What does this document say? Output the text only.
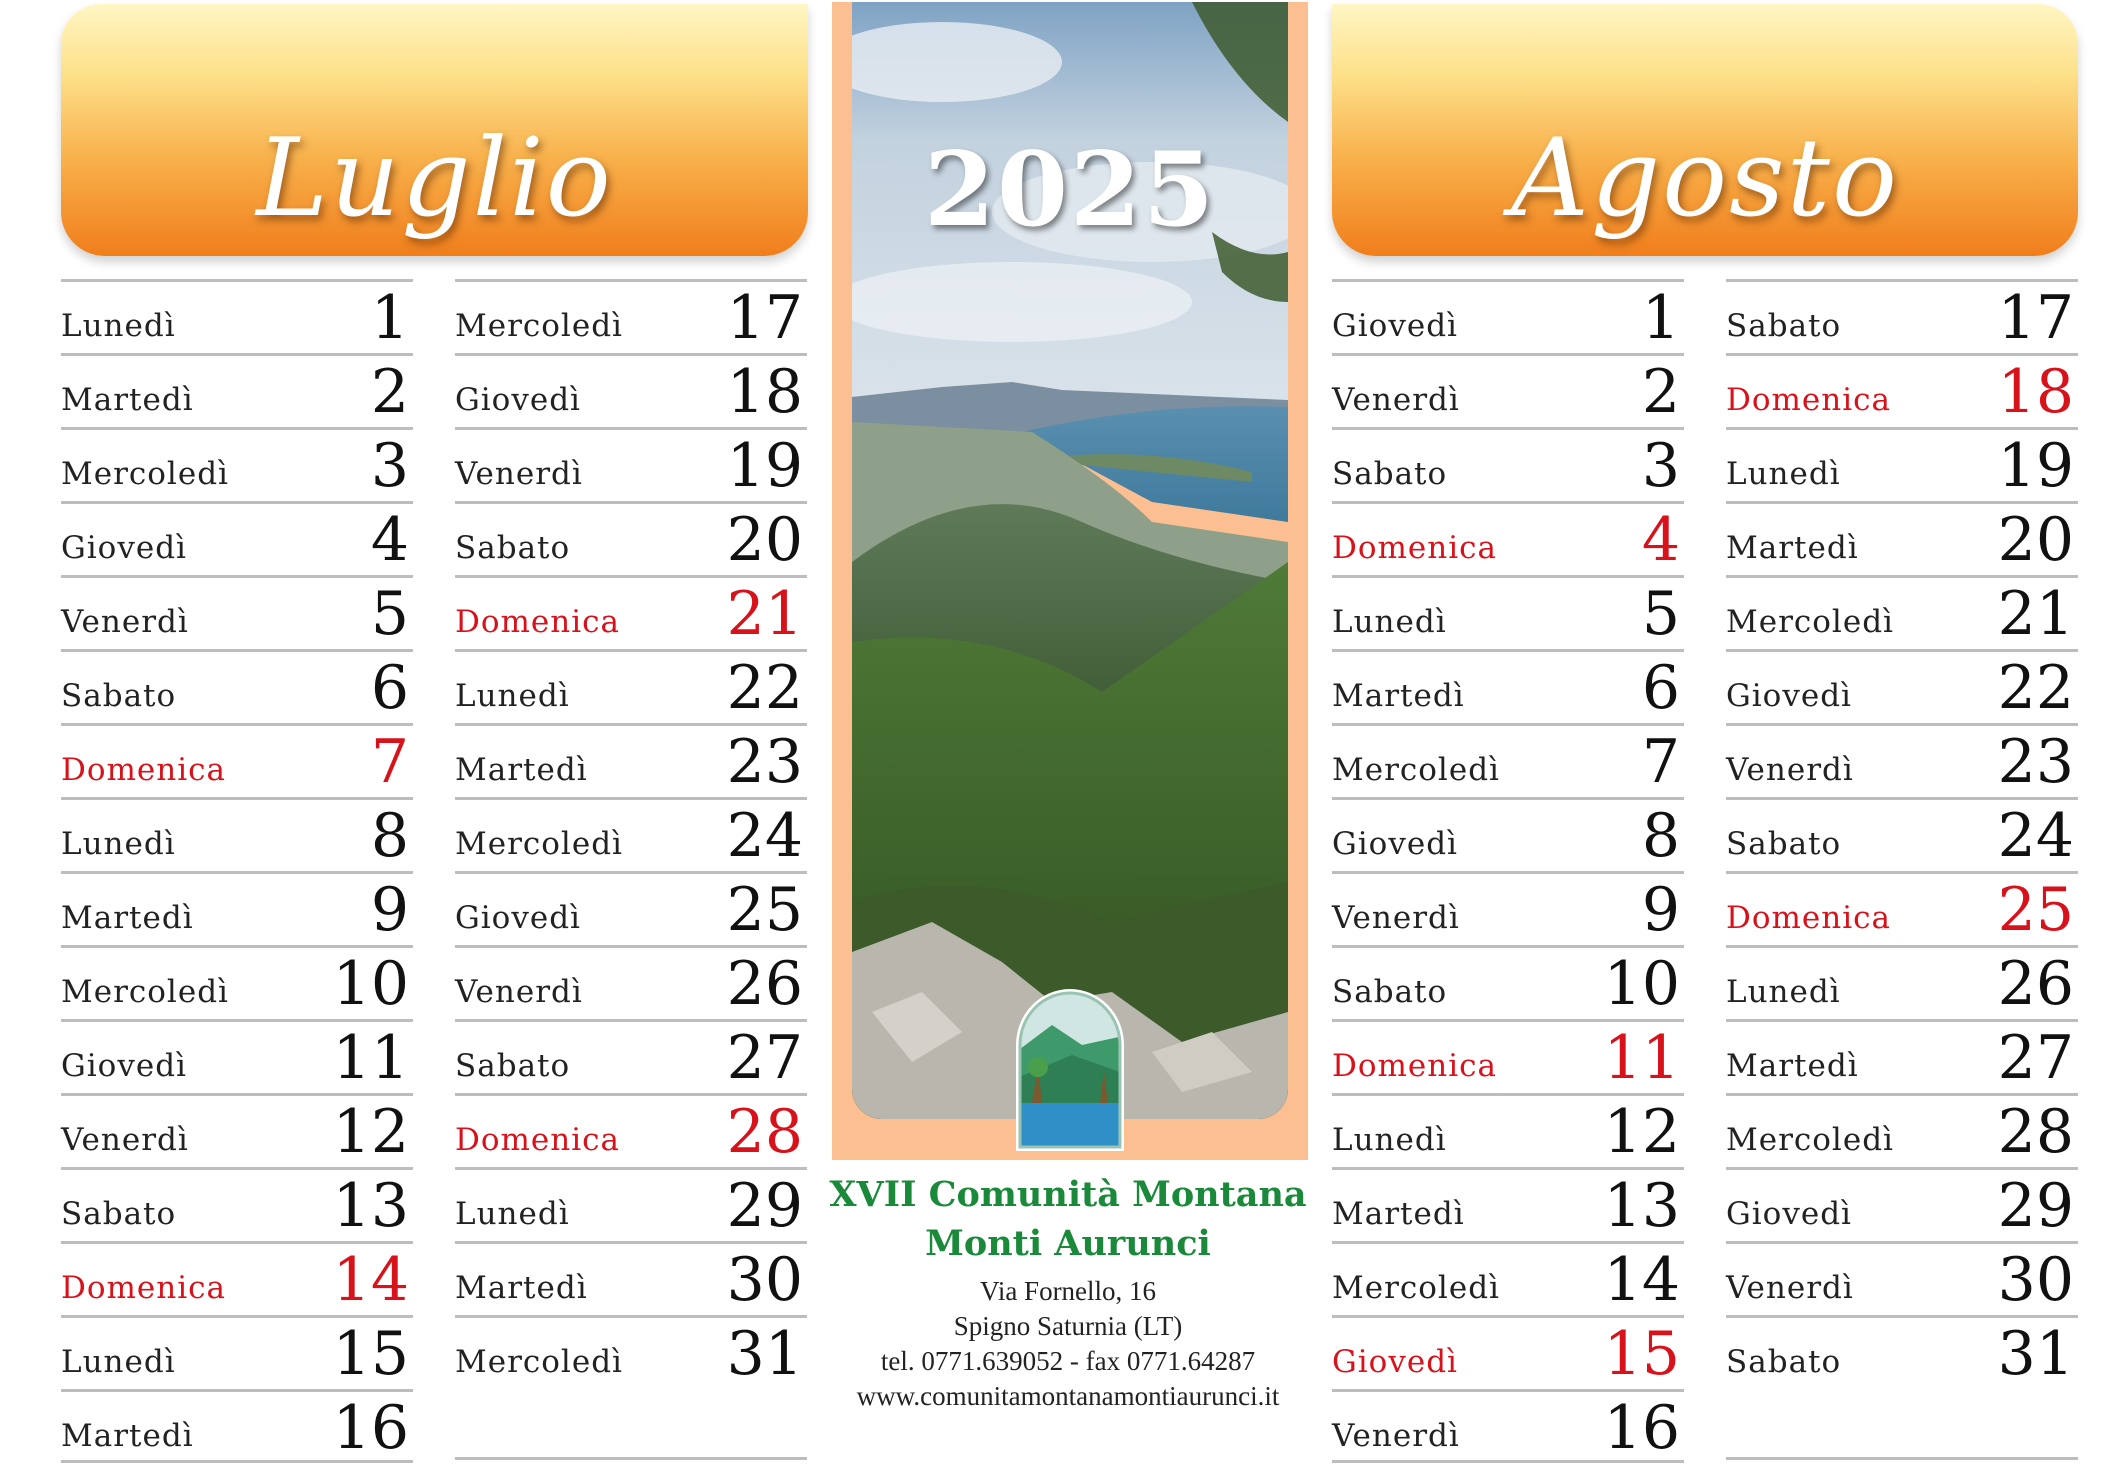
Luglio	Agosto
Lunedì	1
Martedì	2
Mercoledì 3
Giovedì	4
Venerdì	5
Sabato	6
Domenica 7
Lunedì	8
Martedì	9
Mercoledì 10
Giovedì 11
Venerdì 12
Sabato	13
Domenica 14
Lunedì	15
Martedì 16
Mercoledì 17
Giovedì 18
Venerdì 19
Sabato	20
Domenica 21
Lunedì	22
Martedì 23
Mercoledì 24
Giovedì 25
Venerdì 26
Sabato	27
Domenica 28
Lunedì	29
Martedì 30
Mercoledì 31
Giovedì	1
Venerdì	2
Sabato	3
Domenica 4
Lunedì	5
Martedì	6
Mercoledì 7
Giovedì	8
Venerdì	9
Sabato	10
Domenica 11
Lunedì	12
Martedì 13
Mercoledì 14
Giovedì 15
Venerdì 16
Sabato	17
Domenica 18
Lunedì	19
Martedì 20
Mercoledì 21
Giovedì 22
Venerdì 23
Sabato	24
Domenica 25
Lunedì	26
Martedì 27
Mercoledì 28
Giovedì 29
Venerdì 30
Sabato	31
2025
XVII Comunità Montana
Monti Aurunci
Via Fornello, 16
Spigno Saturnia (LT)
tel. 0771.639052 - fax 0771.64287
www.comunitamontanamontiaurunci.it
